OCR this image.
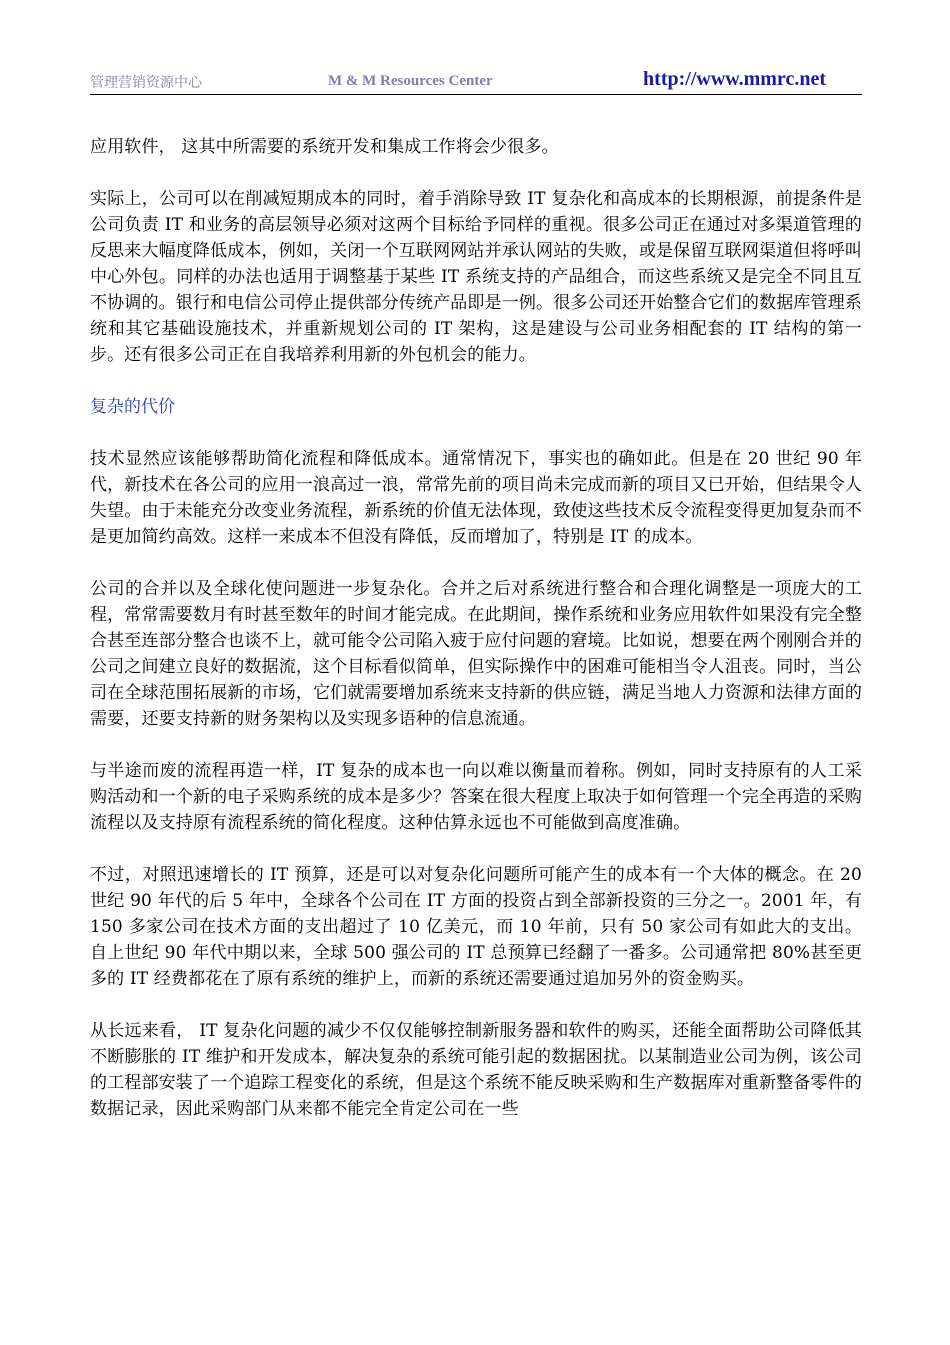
管理营销资源中心	M & M Resources Center	http://www.mmrc.net

应用软件， 这其中所需要的系统开发和集成工作将会少很多。

实际上，公司可以在削减短期成本的同时，着手消除导致 IT 复杂化和高成本的长期根源，前提条件是公司负责 IT 和业务的高层领导必须对这两个目标给予同样的重视。很多公司正在通过对多渠道管理的反思来大幅度降低成本，例如，关闭一个互联网网站并承认网站的失败，或是保留互联网渠道但将呼叫中心外包。同样的办法也适用于调整基于某些 IT 系统支持的产品组合，而这些系统又是完全不同且互不协调的。银行和电信公司停止提供部分传统产品即是一例。很多公司还开始整合它们的数据库管理系统和其它基础设施技术，并重新规划公司的 IT 架构，这是建设与公司业务相配套的 IT 结构的第一步。还有很多公司正在自我培养利用新的外包机会的能力。

复杂的代价

技术显然应该能够帮助简化流程和降低成本。通常情况下，事实也的确如此。但是在 20 世纪 90 年代，新技术在各公司的应用一浪高过一浪，常常先前的项目尚未完成而新的项目又已开始，但结果令人失望。由于未能充分改变业务流程，新系统的价值无法体现，致使这些技术反令流程变得更加复杂而不是更加简约高效。这样一来成本不但没有降低，反而增加了，特别是 IT 的成本。

公司的合并以及全球化使问题进一步复杂化。合并之后对系统进行整合和合理化调整是一项庞大的工程，常常需要数月有时甚至数年的时间才能完成。在此期间，操作系统和业务应用软件如果没有完全整合甚至连部分整合也谈不上，就可能令公司陷入疲于应付问题的窘境。比如说，想要在两个刚刚合并的公司之间建立良好的数据流，这个目标看似简单，但实际操作中的困难可能相当令人沮丧。同时，当公司在全球范围拓展新的市场，它们就需要增加系统来支持新的供应链，满足当地人力资源和法律方面的需要，还要支持新的财务架构以及实现多语种的信息流通。

与半途而废的流程再造一样，IT 复杂的成本也一向以难以衡量而着称。例如，同时支持原有的人工采购活动和一个新的电子采购系统的成本是多少？答案在很大程度上取决于如何管理一个完全再造的采购流程以及支持原有流程系统的简化程度。这种估算永远也不可能做到高度准确。

不过，对照迅速增长的 IT 预算，还是可以对复杂化问题所可能产生的成本有一个大体的概念。在 20 世纪 90 年代的后 5 年中，全球各个公司在 IT 方面的投资占到全部新投资的三分之一。2001 年，有 150 多家公司在技术方面的支出超过了 10 亿美元，而 10 年前，只有 50 家公司有如此大的支出。自上世纪 90 年代中期以来，全球 500 强公司的 IT 总预算已经翻了一番多。公司通常把 80%甚至更多的 IT 经费都花在了原有系统的维护上，而新的系统还需要通过追加另外的资金购买。

从长远来看， IT 复杂化问题的减少不仅仅能够控制新服务器和软件的购买，还能全面帮助公司降低其不断膨胀的 IT 维护和开发成本，解决复杂的系统可能引起的数据困扰。以某制造业公司为例，该公司的工程部安装了一个追踪工程变化的系统，但是这个系统不能反映采购和生产数据库对重新整备零件的数据记录，因此采购部门从来都不能完全肯定公司在一些
